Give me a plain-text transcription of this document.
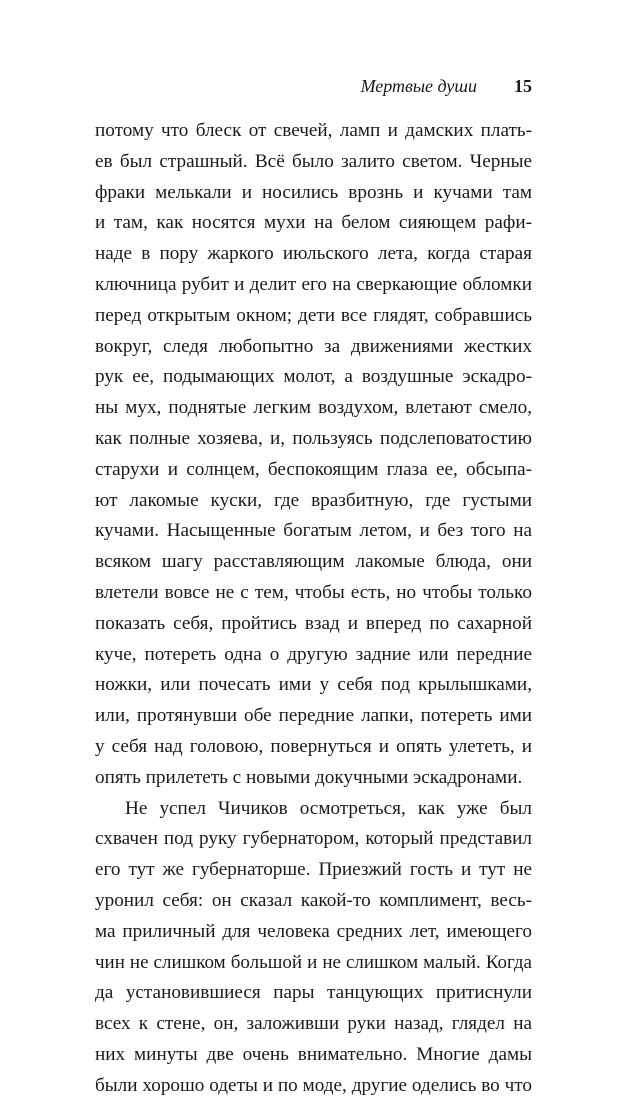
Мертвые души 15
потому что блеск от свечей, ламп и дамских плать-
ев был страшный. Всё было залито светом. Черные
фраки мелькали и носились врознь и кучами там
и там, как носятся мухи на белом сияющем рафи-
наде в пору жаркого июльского лета, когда старая
ключница рубит и делит его на сверкающие обломки
перед открытым окном; дети все глядят, собравшись
вокруг, следя любопытно за движениями жестких
рук ее, подымающих молот, а воздушные эскадро-
ны мух, поднятые легким воздухом, влетают смело,
как полные хозяева, и, пользуясь подслеповатостию
старухи и солнцем, беспокоящим глаза ее, обсыпа-
ют лакомые куски, где вразбитную, где густыми
кучами. Насыщенные богатым летом, и без того на
всяком шагу расставляющим лакомые блюда, они
влетели вовсе не с тем, чтобы есть, но чтобы только
показать себя, пройтись взад и вперед по сахарной
куче, потереть одна о другую задние или передние
ножки, или почесать ими у себя под крылышками,
или, протянувши обе передние лапки, потереть ими
у себя над головою, повернуться и опять улететь, и
опять прилететь с новыми докучными эскадронами.
Не успел Чичиков осмотреться, как уже был
схвачен под руку губернатором, который представил
его тут же губернаторше. Приезжий гость и тут не
уронил себя: он сказал какой-то комплимент, весь-
ма приличный для человека средних лет, имеющего
чин не слишком большой и не слишком малый. Когда
да установившиеся пары танцующих притиснули
всех к стене, он, заложивши руки назад, глядел на
них минуты две очень внимательно. Многие дамы
были хорошо одеты и по моде, другие оделись во что
